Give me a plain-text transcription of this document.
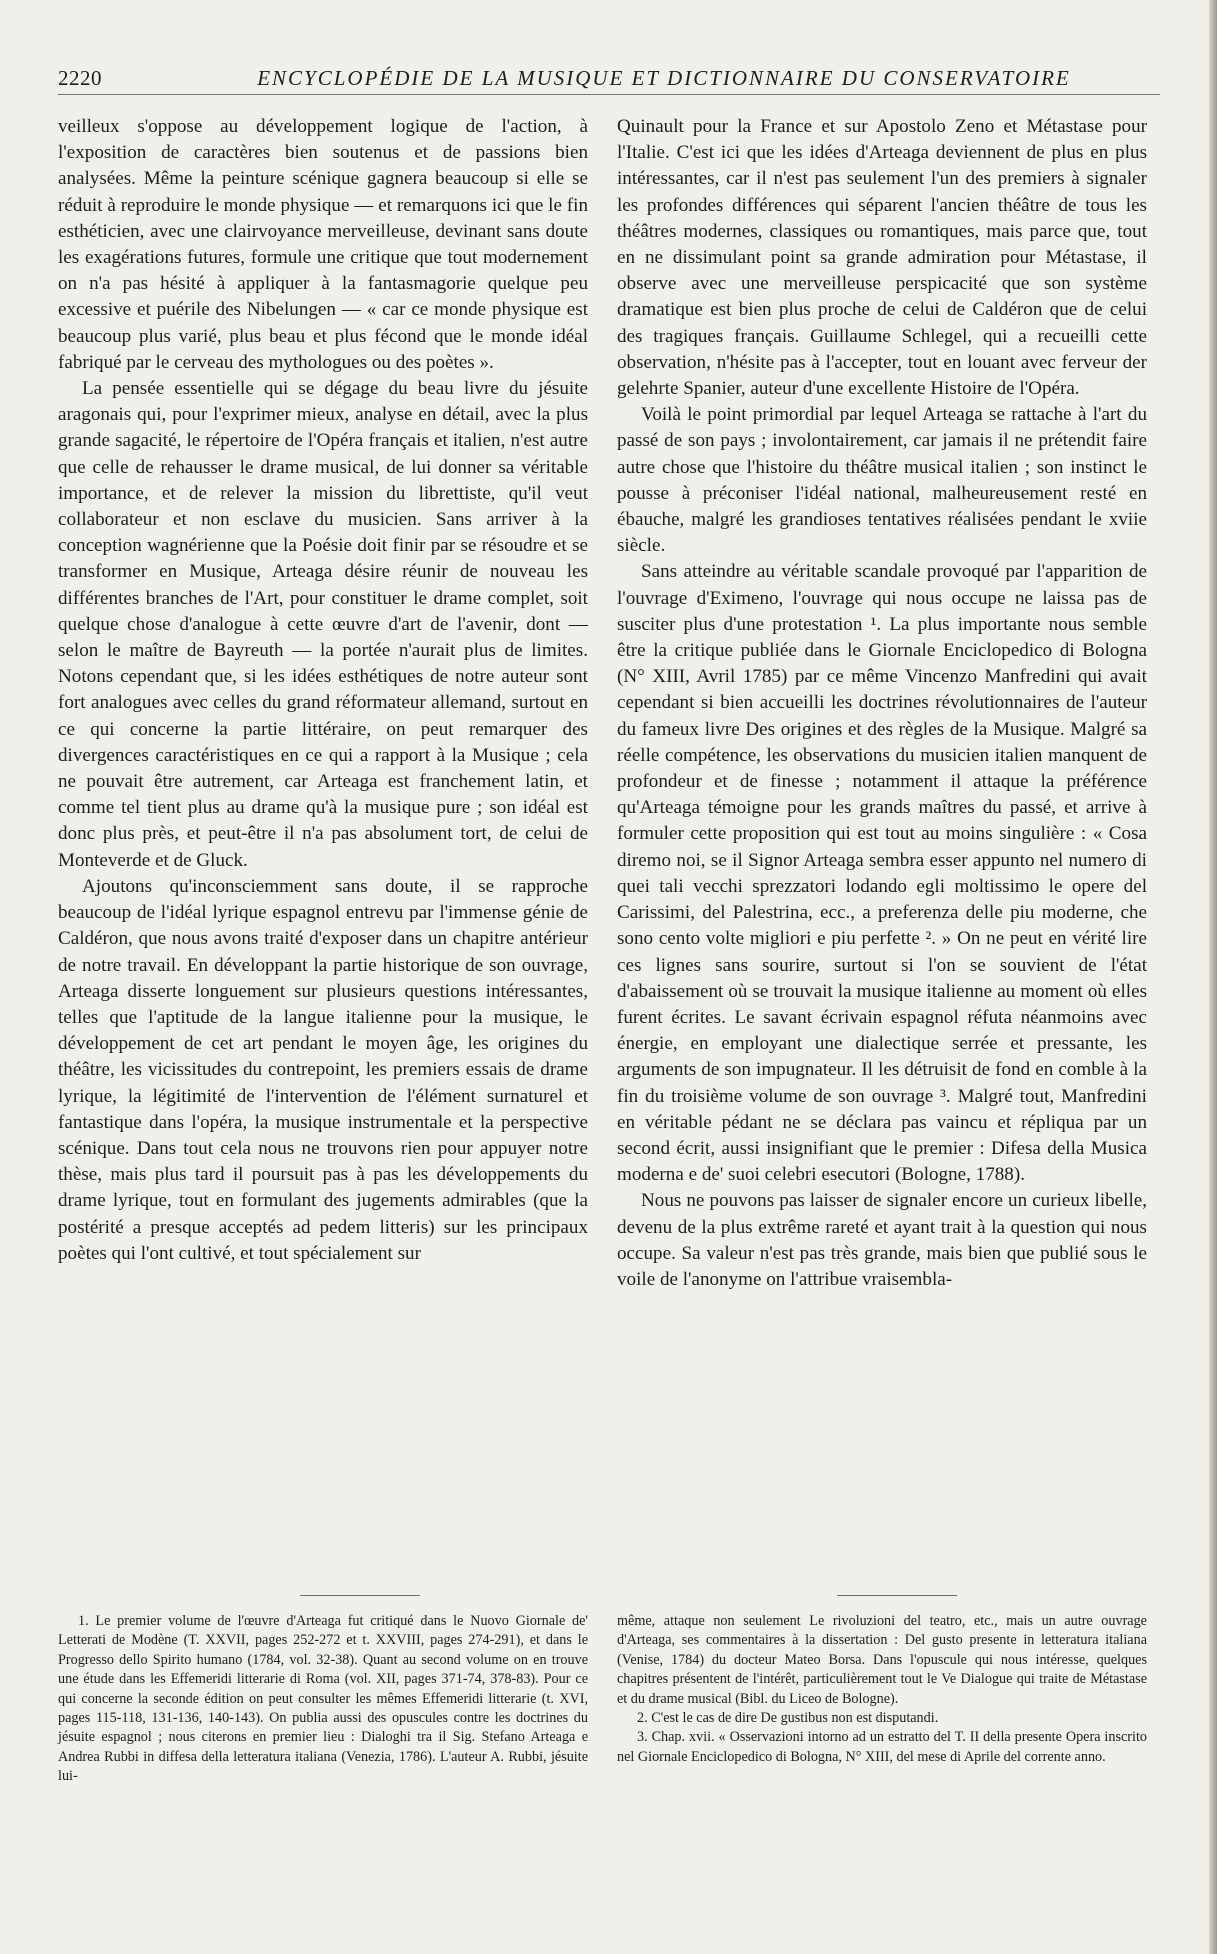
2220	ENCYCLOPÉDIE DE LA MUSIQUE ET DICTIONNAIRE DU CONSERVATOIRE

veilleux s'oppose au développement logique de l'action, à l'exposition de caractères bien soutenus et de passions bien analysées. Même la peinture scénique gagnera beaucoup si elle se réduit à reproduire le monde physique — et remarquons ici que le fin esthéticien, avec une clairvoyance merveilleuse, devinant sans doute les exagérations futures, formule une critique que tout modernement on n'a pas hésité à appliquer à la fantasmagorie quelque peu excessive et puérile des Nibelungen — « car ce monde physique est beaucoup plus varié, plus beau et plus fécond que le monde idéal fabriqué par le cerveau des mythologues ou des poètes ».

La pensée essentielle qui se dégage du beau livre du jésuite aragonais qui, pour l'exprimer mieux, analyse en détail, avec la plus grande sagacité, le répertoire de l'Opéra français et italien, n'est autre que celle de rehausser le drame musical, de lui donner sa véritable importance, et de relever la mission du librettiste, qu'il veut collaborateur et non esclave du musicien. Sans arriver à la conception wagnérienne que la Poésie doit finir par se résoudre et se transformer en Musique, Arteaga désire réunir de nouveau les différentes branches de l'Art, pour constituer le drame complet, soit quelque chose d'analogue à cette œuvre d'art de l'avenir, dont — selon le maître de Bayreuth — la portée n'aurait plus de limites. Notons cependant que, si les idées esthétiques de notre auteur sont fort analogues avec celles du grand réformateur allemand, surtout en ce qui concerne la partie littéraire, on peut remarquer des divergences caractéristiques en ce qui a rapport à la Musique ; cela ne pouvait être autrement, car Arteaga est franchement latin, et comme tel tient plus au drame qu'à la musique pure ; son idéal est donc plus près, et peut-être il n'a pas absolument tort, de celui de Monteverde et de Gluck.

Ajoutons qu'inconsciemment sans doute, il se rapproche beaucoup de l'idéal lyrique espagnol entrevu par l'immense génie de Caldéron, que nous avons traité d'exposer dans un chapitre antérieur de notre travail. En développant la partie historique de son ouvrage, Arteaga disserte longuement sur plusieurs questions intéressantes, telles que l'aptitude de la langue italienne pour la musique, le développement de cet art pendant le moyen âge, les origines du théâtre, les vicissitudes du contrepoint, les premiers essais de drame lyrique, la légitimité de l'intervention de l'élément surnaturel et fantastique dans l'opéra, la musique instrumentale et la perspective scénique. Dans tout cela nous ne trouvons rien pour appuyer notre thèse, mais plus tard il poursuit pas à pas les développements du drame lyrique, tout en formulant des jugements admirables (que la postérité a presque acceptés ad pedem litteris) sur les principaux poètes qui l'ont cultivé, et tout spécialement sur

Quinault pour la France et sur Apostolo Zeno et Métastase pour l'Italie. C'est ici que les idées d'Arteaga deviennent de plus en plus intéressantes, car il n'est pas seulement l'un des premiers à signaler les profondes différences qui séparent l'ancien théâtre de tous les théâtres modernes, classiques ou romantiques, mais parce que, tout en ne dissimulant point sa grande admiration pour Métastase, il observe avec une merveilleuse perspicacité que son système dramatique est bien plus proche de celui de Caldéron que de celui des tragiques français. Guillaume Schlegel, qui a recueilli cette observation, n'hésite pas à l'accepter, tout en louant avec ferveur der gelehrte Spanier, auteur d'une excellente Histoire de l'Opéra.

Voilà le point primordial par lequel Arteaga se rattache à l'art du passé de son pays ; involontairement, car jamais il ne prétendit faire autre chose que l'histoire du théâtre musical italien ; son instinct le pousse à préconiser l'idéal national, malheureusement resté en ébauche, malgré les grandioses tentatives réalisées pendant le xviie siècle.

Sans atteindre au véritable scandale provoqué par l'apparition de l'ouvrage d'Eximeno, l'ouvrage qui nous occupe ne laissa pas de susciter plus d'une protestation ¹. La plus importante nous semble être la critique publiée dans le Giornale Enciclopedico di Bologna (N° XIII, Avril 1785) par ce même Vincenzo Manfredini qui avait cependant si bien accueilli les doctrines révolutionnaires de l'auteur du fameux livre Des origines et des règles de la Musique. Malgré sa réelle compétence, les observations du musicien italien manquent de profondeur et de finesse ; notamment il attaque la préférence qu'Arteaga témoigne pour les grands maîtres du passé, et arrive à formuler cette proposition qui est tout au moins singulière : « Cosa diremo noi, se il Signor Arteaga sembra esser appunto nel numero di quei tali vecchi sprezzatori lodando egli moltissimo le opere del Carissimi, del Palestrina, ecc., a preferenza delle piu moderne, che sono cento volte migliori e piu perfette ². » On ne peut en vérité lire ces lignes sans sourire, surtout si l'on se souvient de l'état d'abaissement où se trouvait la musique italienne au moment où elles furent écrites. Le savant écrivain espagnol réfuta néanmoins avec énergie, en employant une dialectique serrée et pressante, les arguments de son impugnateur. Il les détruisit de fond en comble à la fin du troisième volume de son ouvrage ³. Malgré tout, Manfredini en véritable pédant ne se déclara pas vaincu et répliqua par un second écrit, aussi insignifiant que le premier : Difesa della Musica moderna e de' suoi celebri esecutori (Bologne, 1788).

Nous ne pouvons pas laisser de signaler encore un curieux libelle, devenu de la plus extrême rareté et ayant trait à la question qui nous occupe. Sa valeur n'est pas très grande, mais bien que publié sous le voile de l'anonyme on l'attribue vraisembla-

1. Le premier volume de l'œuvre d'Arteaga fut critiqué dans le Nuovo Giornale de' Letterati de Modène (T. XXVII, pages 252-272 et t. XXVIII, pages 274-291), et dans le Progresso dello Spirito humano (1784, vol. 32-38). Quant au second volume on en trouve une étude dans les Effemeridi litterarie di Roma (vol. XII, pages 371-74, 378-83). Pour ce qui concerne la seconde édition on peut consulter les mêmes Effemeridi litterarie (t. XVI, pages 115-118, 131-136, 140-143). On publia aussi des opuscules contre les doctrines du jésuite espagnol ; nous citerons en premier lieu : Dialoghi tra il Sig. Stefano Arteaga e Andrea Rubbi in diffesa della letteratura italiana (Venezia, 1786). L'auteur A. Rubbi, jésuite lui-

même, attaque non seulement Le rivoluzioni del teatro, etc., mais un autre ouvrage d'Arteaga, ses commentaires à la dissertation : Del gusto presente in letteratura italiana (Venise, 1784) du docteur Mateo Borsa. Dans l'opuscule qui nous intéresse, quelques chapitres présentent de l'intérêt, particulièrement tout le Ve Dialogue qui traite de Métastase et du drame musical (Bibl. du Liceo de Bologne).

2. C'est le cas de dire De gustibus non est disputandi.

3. Chap. xvii. « Osservazioni intorno ad un estratto del T. II della presente Opera inscrito nel Giornale Enciclopedico di Bologna, N° XIII, del mese di Aprile del corrente anno.
